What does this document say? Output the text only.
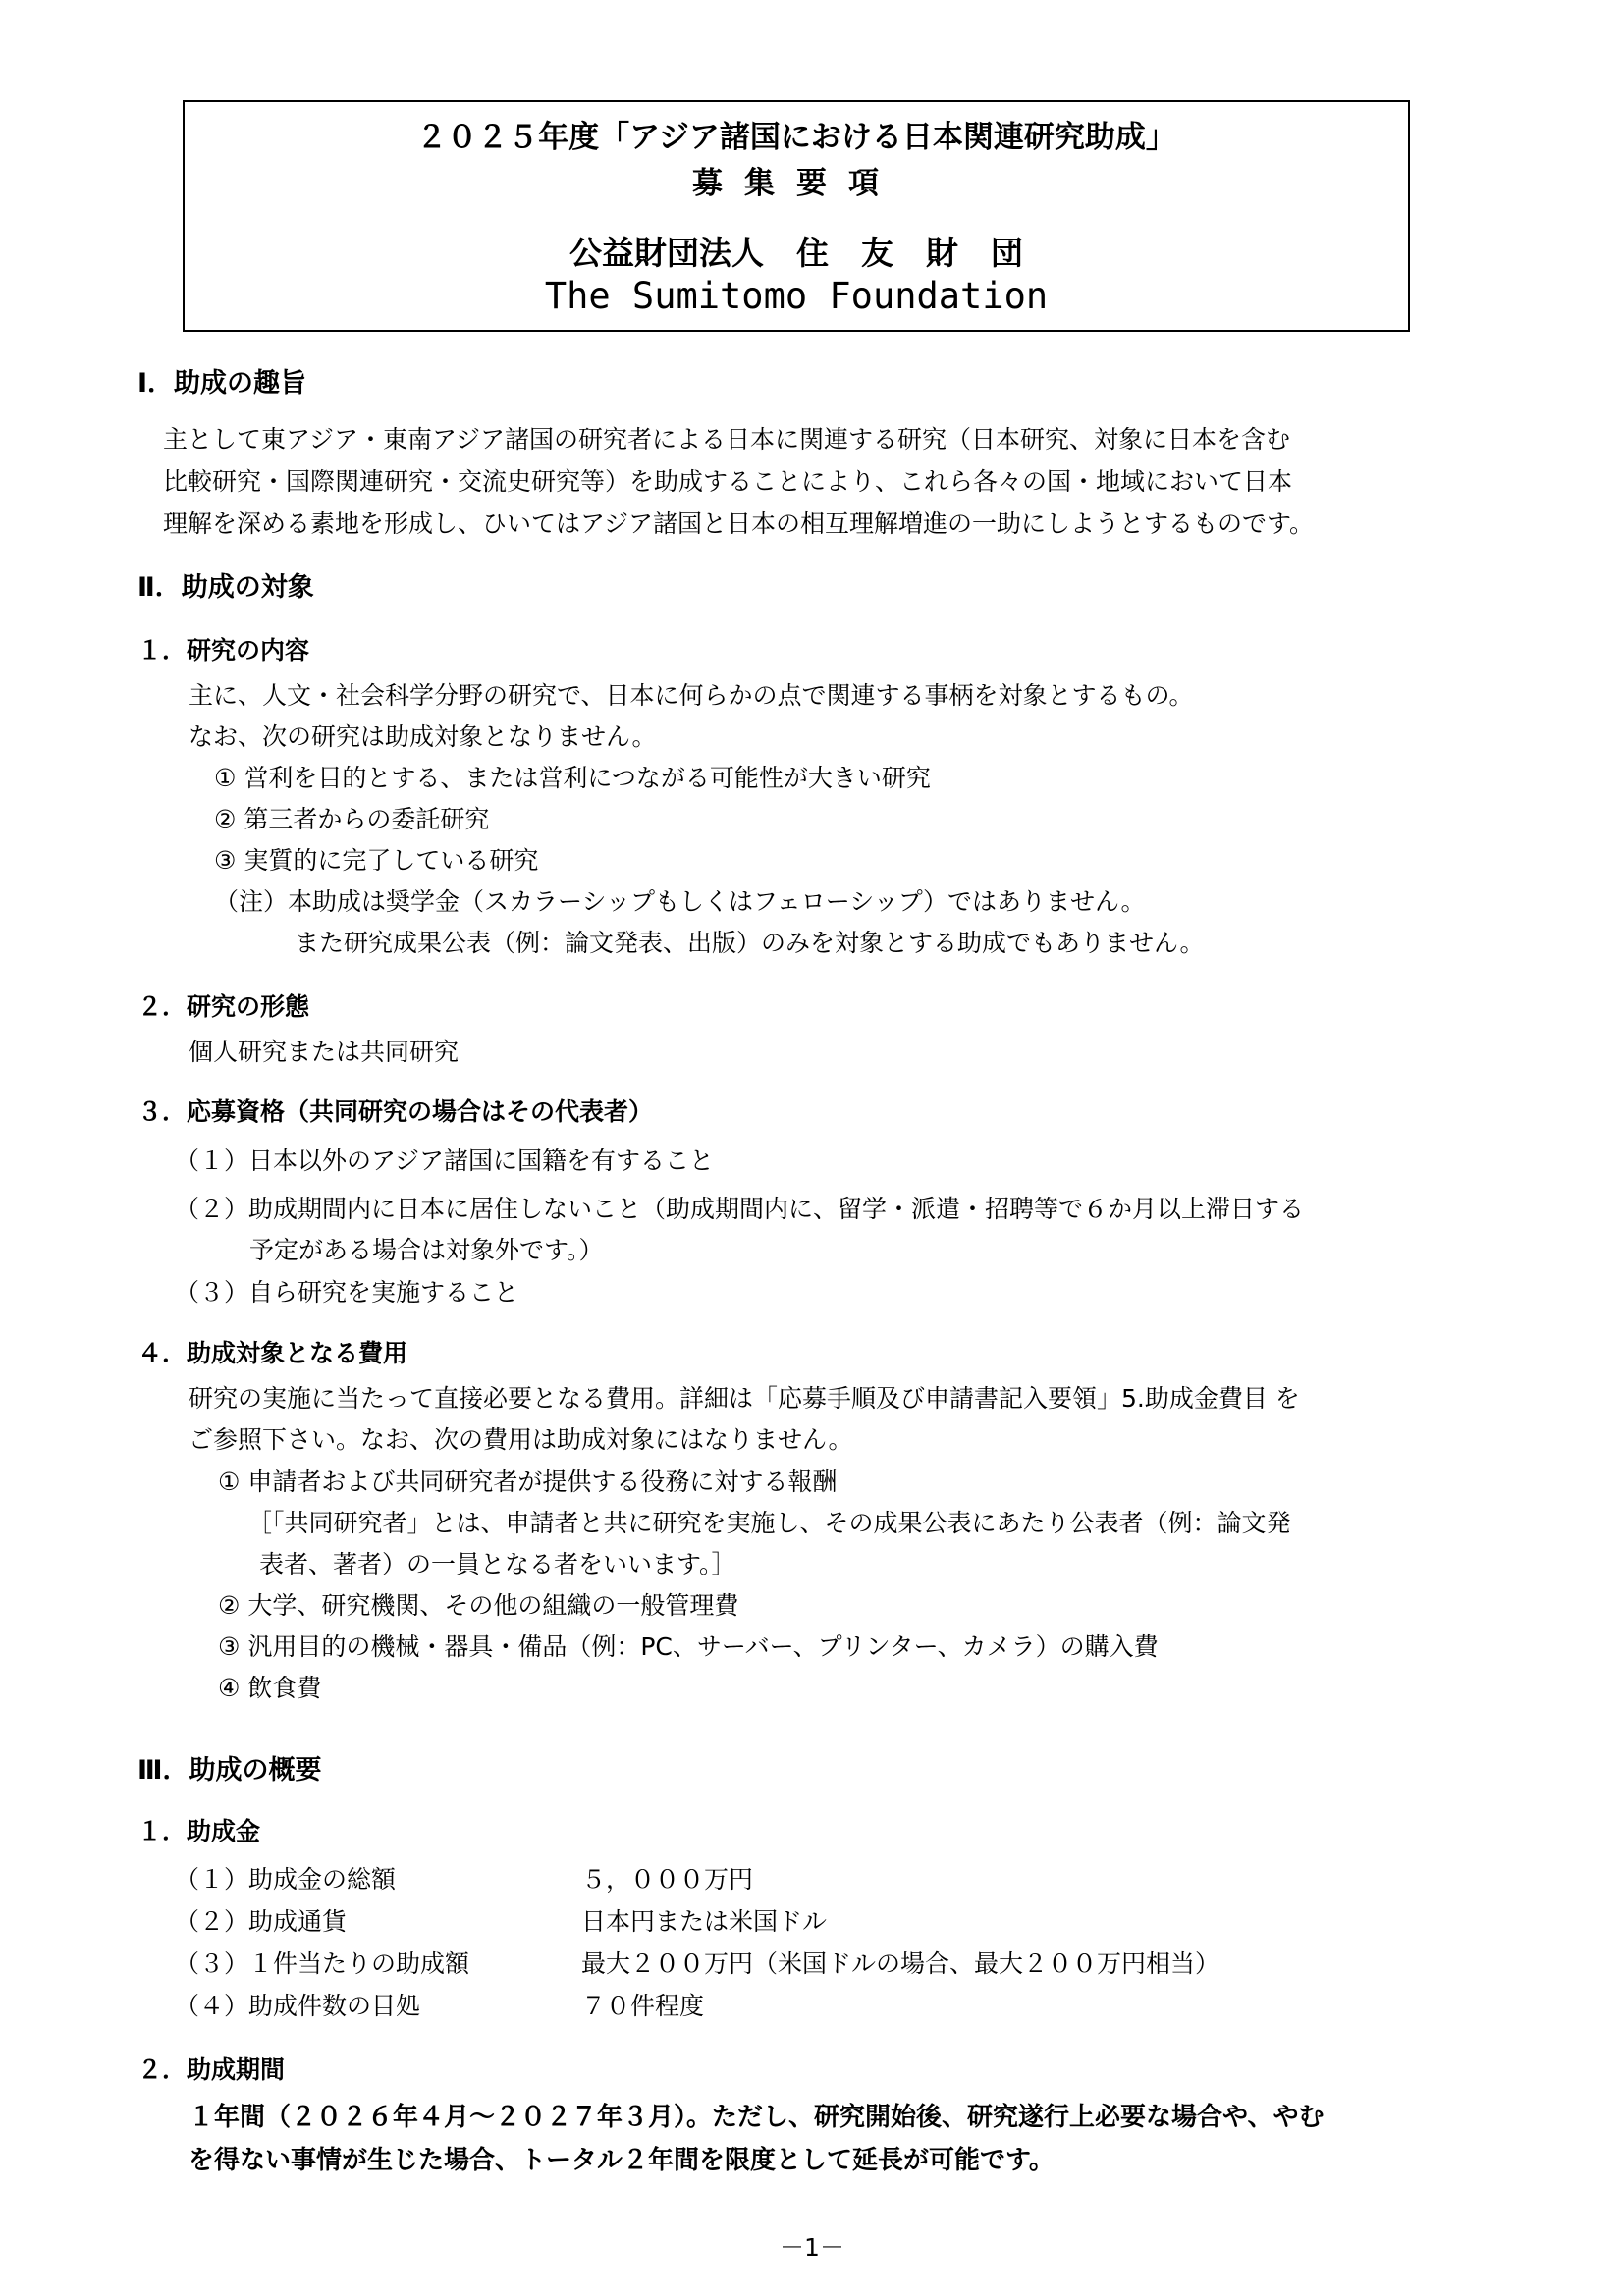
２０２５年度「アジア諸国における日本関連研究助成」
募集要項
公益財団法人　住　友　財　団
The Sumitomo Foundation
Ⅰ．助成の趣旨
主として東アジア・東南アジア諸国の研究者による日本に関連する研究（日本研究、対象に日本を含む
比較研究・国際関連研究・交流史研究等）を助成することにより、これら各々の国・地域において日本
理解を深める素地を形成し、ひいてはアジア諸国と日本の相互理解増進の一助にしようとするものです。
Ⅱ．助成の対象
１．研究の内容
主に、人文・社会科学分野の研究で、日本に何らかの点で関連する事柄を対象とするもの。
なお、次の研究は助成対象となりません。
① 営利を目的とする、または営利につながる可能性が大きい研究
② 第三者からの委託研究
③ 実質的に完了している研究
（注）本助成は奨学金（スカラーシップもしくはフェローシップ）ではありません。
また研究成果公表（例：論文発表、出版）のみを対象とする助成でもありません。
２．研究の形態
個人研究または共同研究
３．応募資格（共同研究の場合はその代表者）
（１）日本以外のアジア諸国に国籍を有すること
（２）助成期間内に日本に居住しないこと（助成期間内に、留学・派遣・招聘等で６か月以上滞日する
予定がある場合は対象外です。）
（３）自ら研究を実施すること
４．助成対象となる費用
研究の実施に当たって直接必要となる費用。詳細は「応募手順及び申請書記入要領」5.助成金費目 を
ご参照下さい。なお、次の費用は助成対象にはなりません。
① 申請者および共同研究者が提供する役務に対する報酬
［「共同研究者」とは、申請者と共に研究を実施し、その成果公表にあたり公表者（例：論文発
表者、著者）の一員となる者をいいます。］
② 大学、研究機関、その他の組織の一般管理費
③ 汎用目的の機械・器具・備品（例：PC、サーバー、プリンター、カメラ）の購入費
④ 飲食費
Ⅲ．助成の概要
１．助成金
（１）助成金の総額	５，０００万円
（２）助成通貨	日本円または米国ドル
（３）１件当たりの助成額	最大２００万円（米国ドルの場合、最大２００万円相当）
（４）助成件数の目処	７０件程度
２．助成期間
１年間（２０２６年４月～２０２７年３月）。ただし、研究開始後、研究遂行上必要な場合や、やむ
を得ない事情が生じた場合、トータル２年間を限度として延長が可能です。
－1－
